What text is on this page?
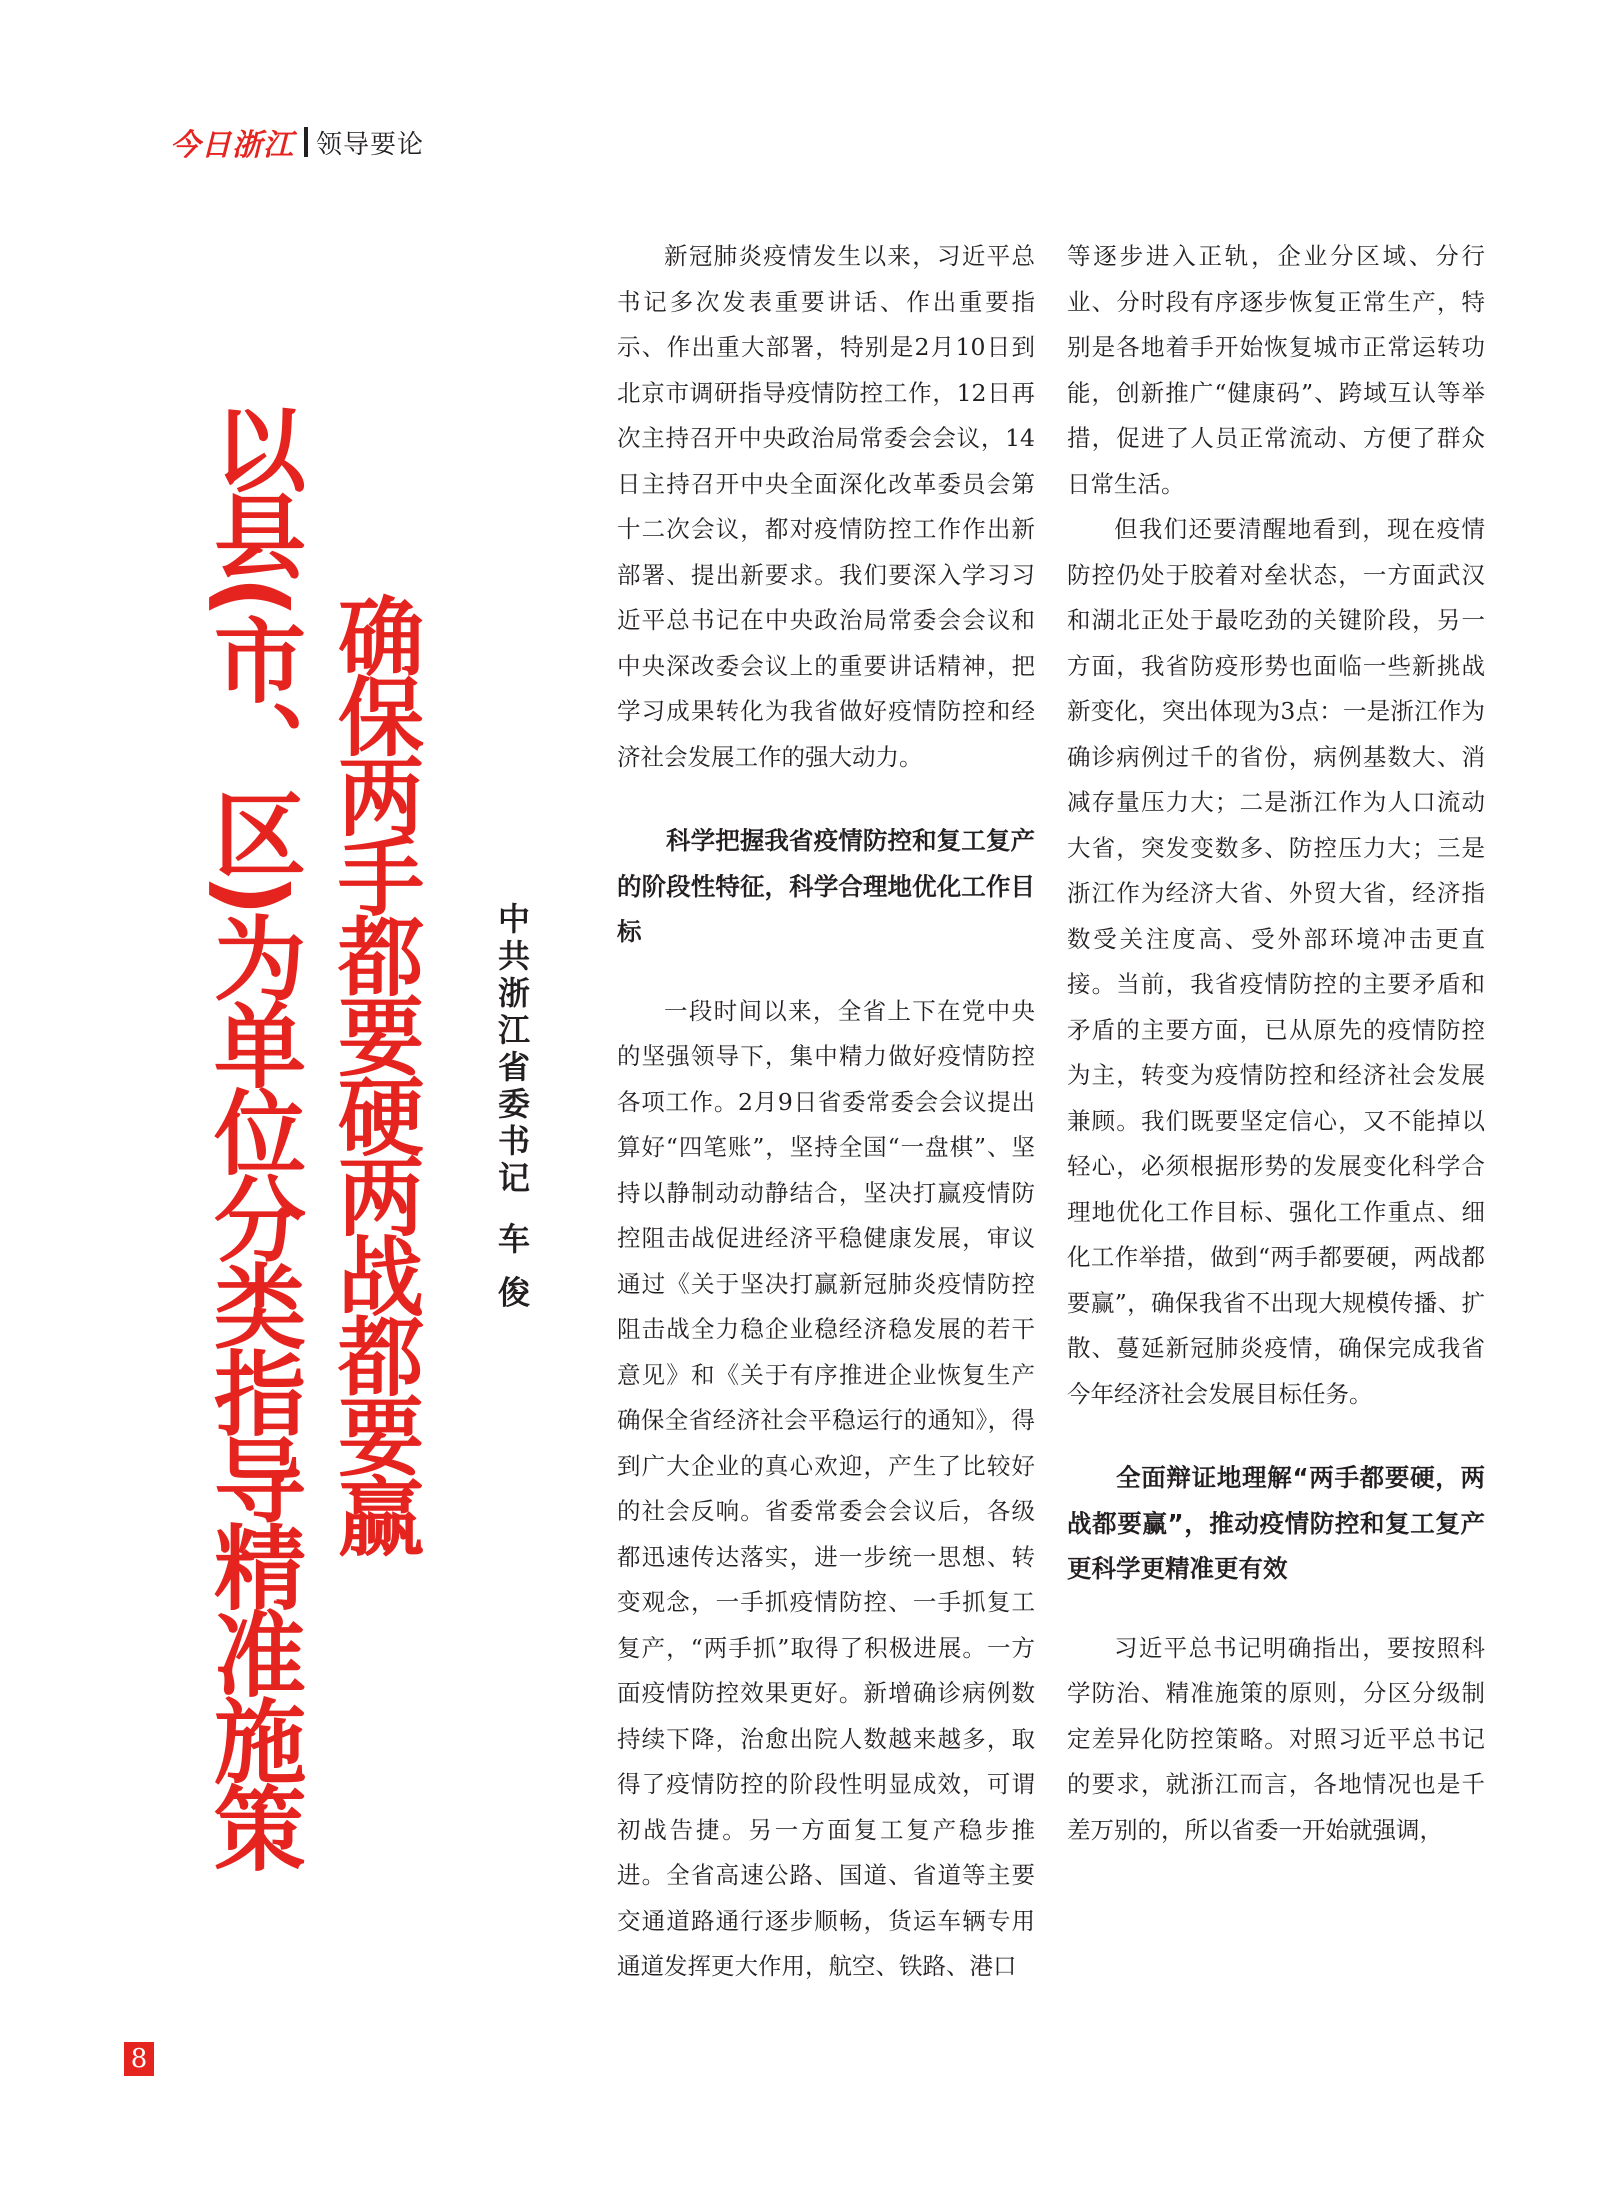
今日浙江 领导要论
以县(市、区)为单位分类指导精准施策 确保两手都要硬两战都要赢 中共浙江省委书记车 俊

新冠肺炎疫情发生以来，习近平总书记多次发表重要讲话、作出重要指示、作出重大部署，特别是2月10日到北京市调研指导疫情防控工作，12日再次主持召开中央政治局常委会会议，14日主持召开中央全面深化改革委员会第十二次会议，都对疫情防控工作作出新部署、提出新要求。我们要深入学习习近平总书记在中央政治局常委会会议和中央深改委会议上的重要讲话精神，把学习成果转化为我省做好疫情防控和经济社会发展工作的强大动力。

科学把握我省疫情防控和复工复产的阶段性特征，科学合理地优化工作目标

一段时间以来，全省上下在党中央的坚强领导下，集中精力做好疫情防控各项工作。2月9日省委常委会会议提出算好“四笔账”，坚持全国“一盘棋”、坚持以静制动动静结合，坚决打赢疫情防控阻击战促进经济平稳健康发展，审议通过《关于坚决打赢新冠肺炎疫情防控阻击战全力稳企业稳经济稳发展的若干意见》和《关于有序推进企业恢复生产确保全省经济社会平稳运行的通知》，得到广大企业的真心欢迎，产生了比较好的社会反响。省委常委会会议后，各级都迅速传达落实，进一步统一思想、转变观念，一手抓疫情防控、一手抓复工复产，“两手抓”取得了积极进展。一方面疫情防控效果更好。新增确诊病例数持续下降，治愈出院人数越来越多，取得了疫情防控的阶段性明显成效，可谓初战告捷。另一方面复工复产稳步推进。全省高速公路、国道、省道等主要交通道路通行逐步顺畅，货运车辆专用通道发挥更大作用，航空、铁路、港口

等逐步进入正轨，企业分区域、分行业、分时段有序逐步恢复正常生产，特别是各地着手开始恢复城市正常运转功能，创新推广“健康码”、跨域互认等举措，促进了人员正常流动、方便了群众日常生活。

但我们还要清醒地看到，现在疫情防控仍处于胶着对垒状态，一方面武汉和湖北正处于最吃劲的关键阶段，另一方面，我省防疫形势也面临一些新挑战新变化，突出体现为3点：一是浙江作为确诊病例过千的省份，病例基数大、消减存量压力大；二是浙江作为人口流动大省，突发变数多、防控压力大；三是浙江作为经济大省、外贸大省，经济指数受关注度高、受外部环境冲击更直接。当前，我省疫情防控的主要矛盾和矛盾的主要方面，已从原先的疫情防控为主，转变为疫情防控和经济社会发展兼顾。我们既要坚定信心，又不能掉以轻心，必须根据形势的发展变化科学合理地优化工作目标、强化工作重点、细化工作举措，做到“两手都要硬，两战都要赢”，确保我省不出现大规模传播、扩散、蔓延新冠肺炎疫情，确保完成我省今年经济社会发展目标任务。

全面辩证地理解“两手都要硬，两战都要赢”，推动疫情防控和复工复产更科学更精准更有效

习近平总书记明确指出，要按照科学防治、精准施策的原则，分区分级制定差异化防控策略。对照习近平总书记的要求，就浙江而言，各地情况也是千差万别的，所以省委一开始就强调，

8
